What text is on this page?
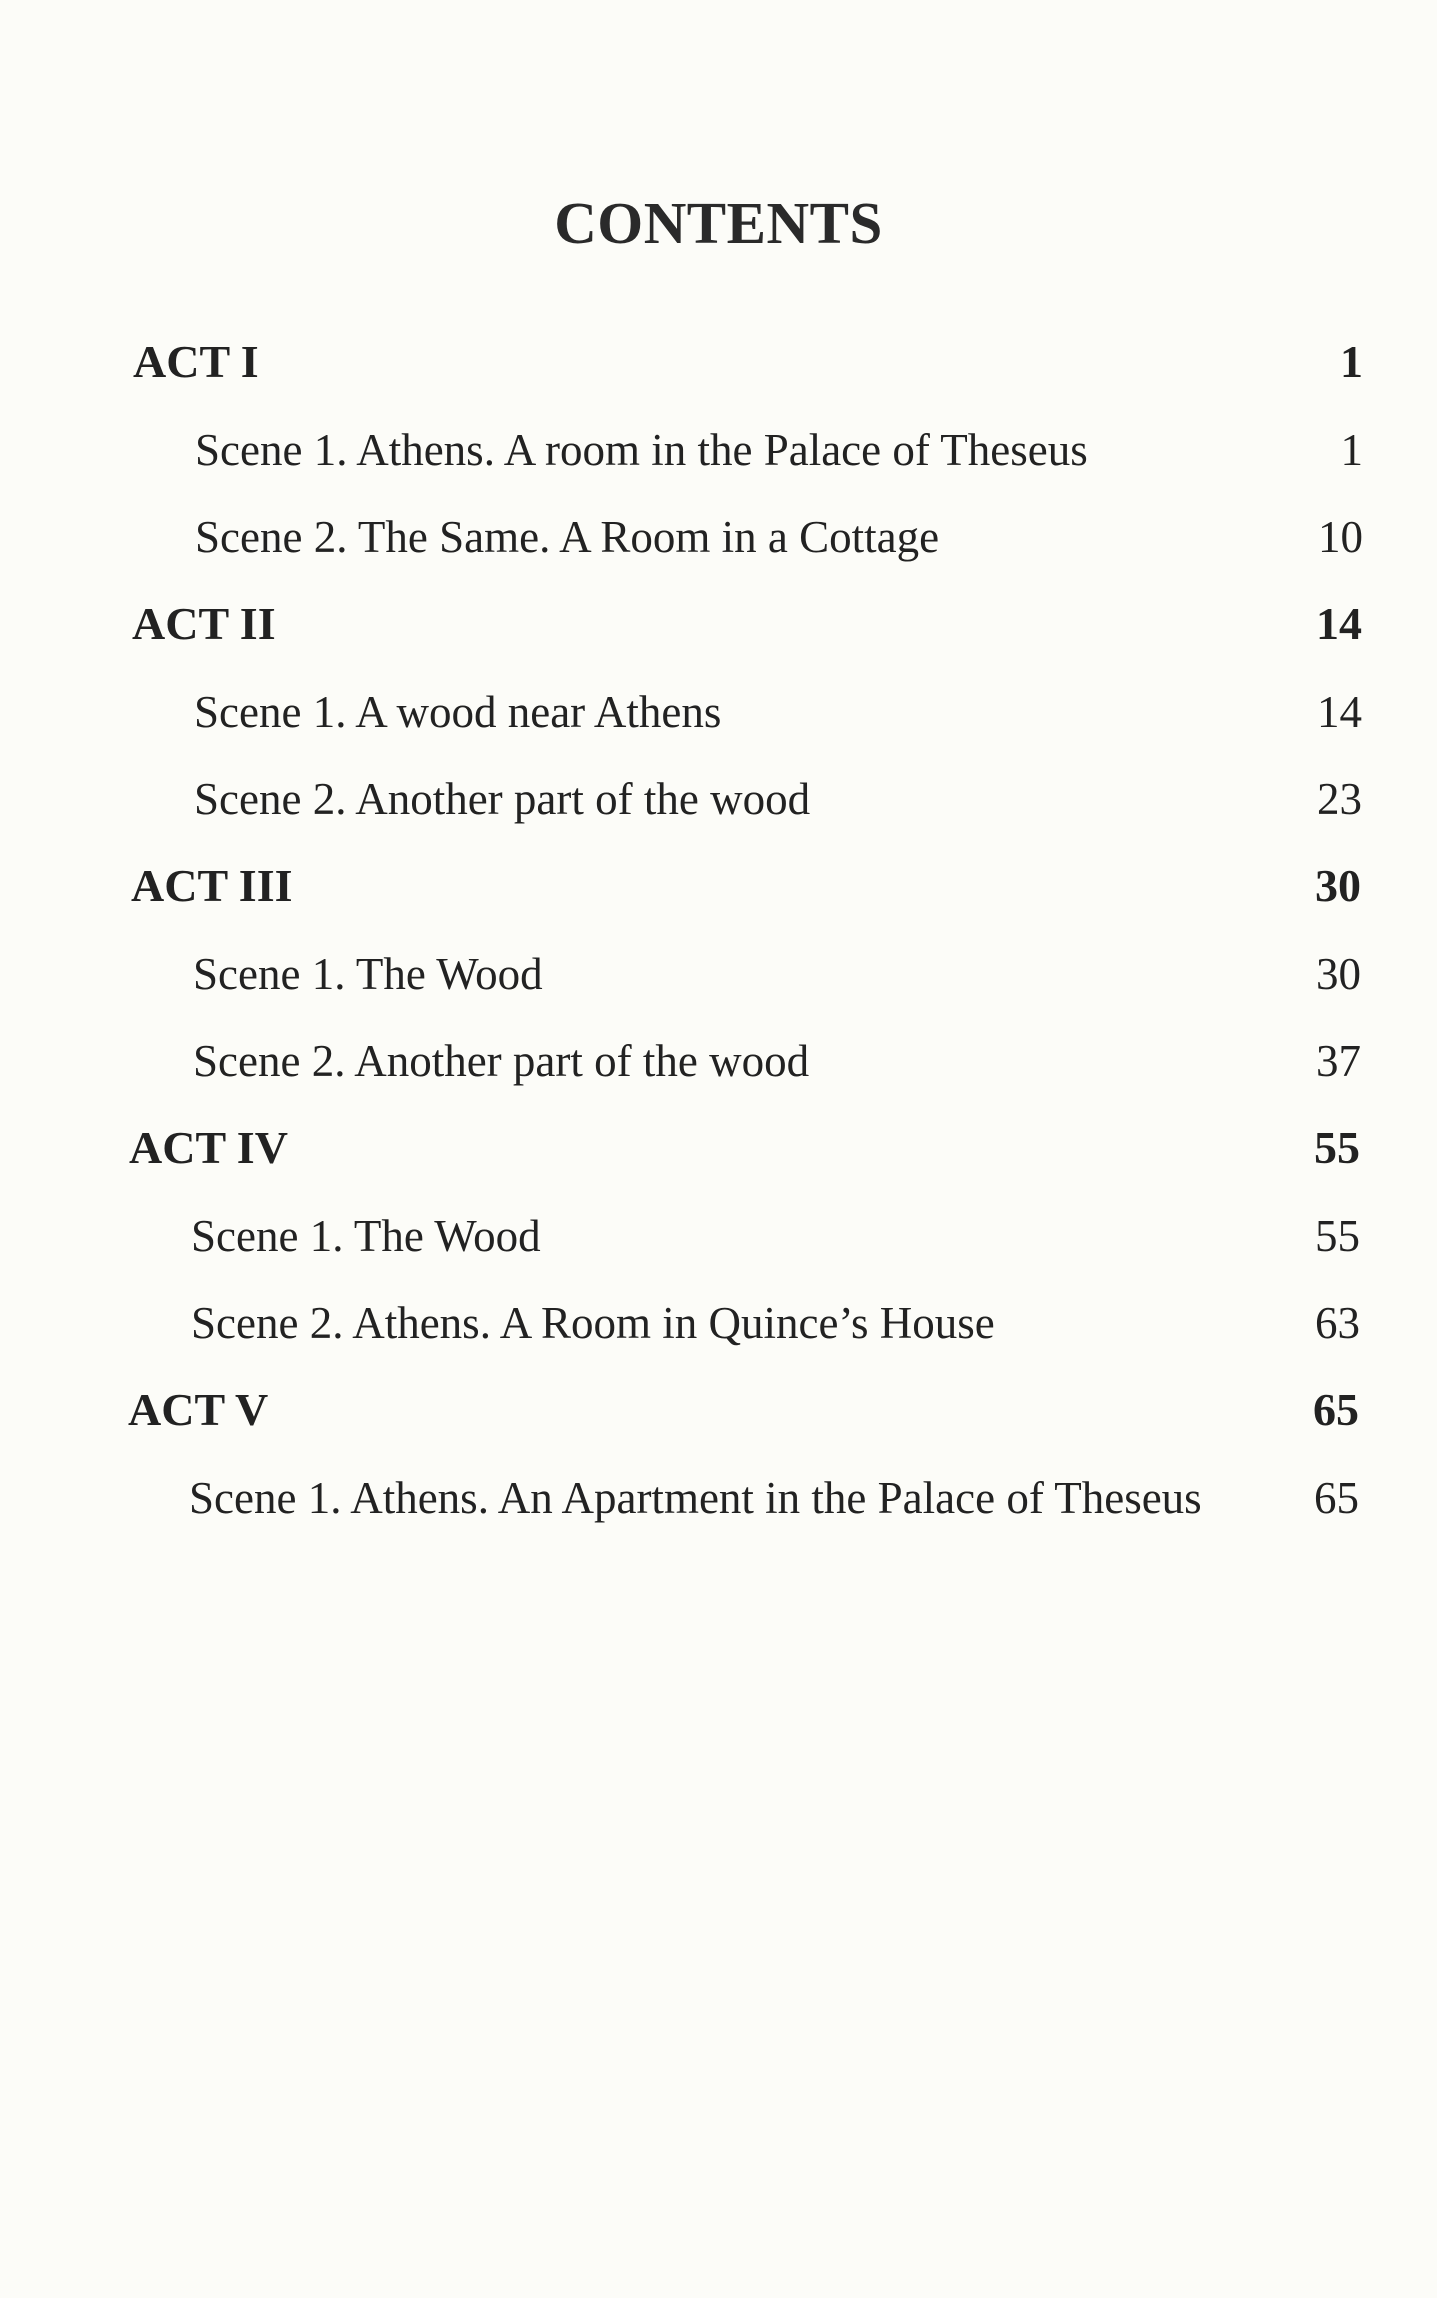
CONTENTS
ACT I	1
Scene 1. Athens. A room in the Palace of Theseus	1
Scene 2. The Same. A Room in a Cottage	10
ACT II	14
Scene 1. A wood near Athens	14
Scene 2. Another part of the wood	23
ACT III	30
Scene 1. The Wood	30
Scene 2. Another part of the wood	37
ACT IV	55
Scene 1. The Wood	55
Scene 2. Athens. A Room in Quince’s House	63
ACT V	65
Scene 1. Athens. An Apartment in the Palace of Theseus 65
